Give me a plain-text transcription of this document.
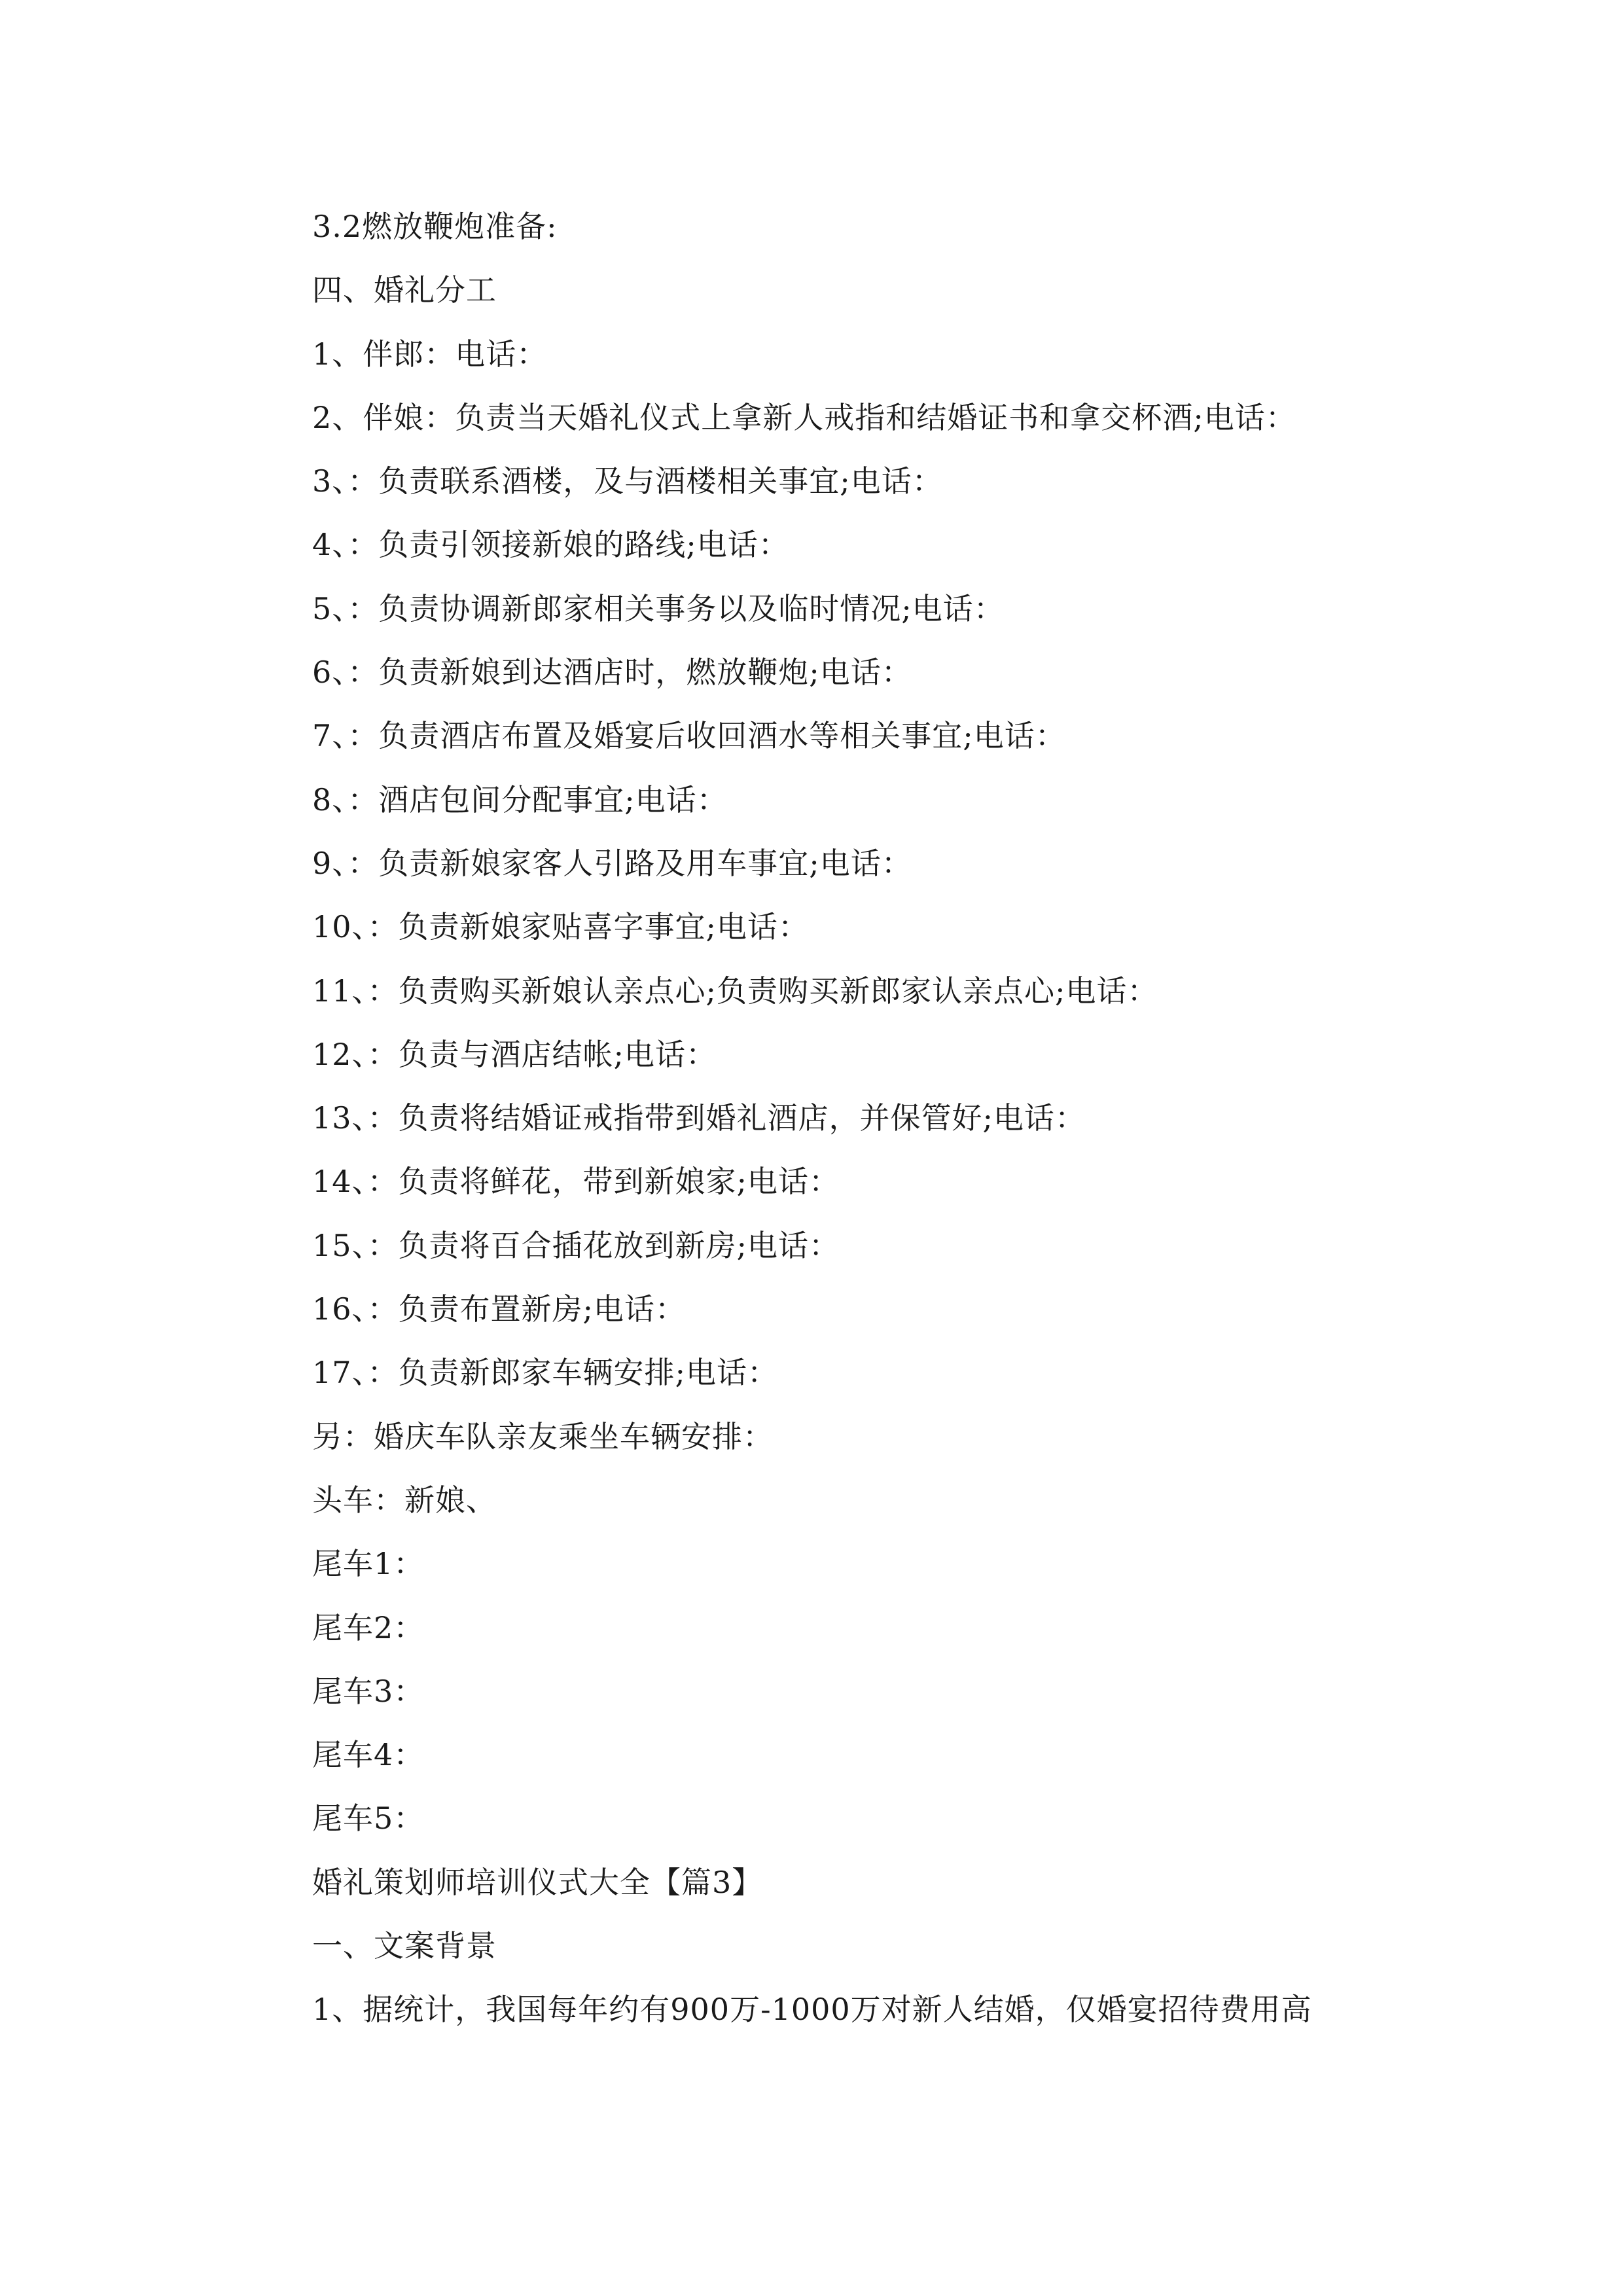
3.2燃放鞭炮准备:
四、婚礼分工
1、伴郎：电话：
2、伴娘：负责当天婚礼仪式上拿新人戒指和结婚证书和拿交杯酒;电话：
3、：负责联系酒楼，及与酒楼相关事宜;电话：
4、：负责引领接新娘的路线;电话：
5、：负责协调新郎家相关事务以及临时情况;电话：
6、：负责新娘到达酒店时，燃放鞭炮;电话：
7、：负责酒店布置及婚宴后收回酒水等相关事宜;电话：
8、：酒店包间分配事宜;电话：
9、：负责新娘家客人引路及用车事宜;电话：
10、：负责新娘家贴喜字事宜;电话：
11、：负责购买新娘认亲点心;负责购买新郎家认亲点心;电话：
12、：负责与酒店结帐;电话：
13、：负责将结婚证戒指带到婚礼酒店，并保管好;电话：
14、：负责将鲜花，带到新娘家;电话：
15、：负责将百合插花放到新房;电话：
16、：负责布置新房;电话：
17、：负责新郎家车辆安排;电话：
另：婚庆车队亲友乘坐车辆安排：
头车：新娘、
尾车1：
尾车2：
尾车3：
尾车4：
尾车5：
婚礼策划师培训仪式大全【篇3】
一、文案背景
1、据统计，我国每年约有900万-1000万对新人结婚，仅婚宴招待费用高
